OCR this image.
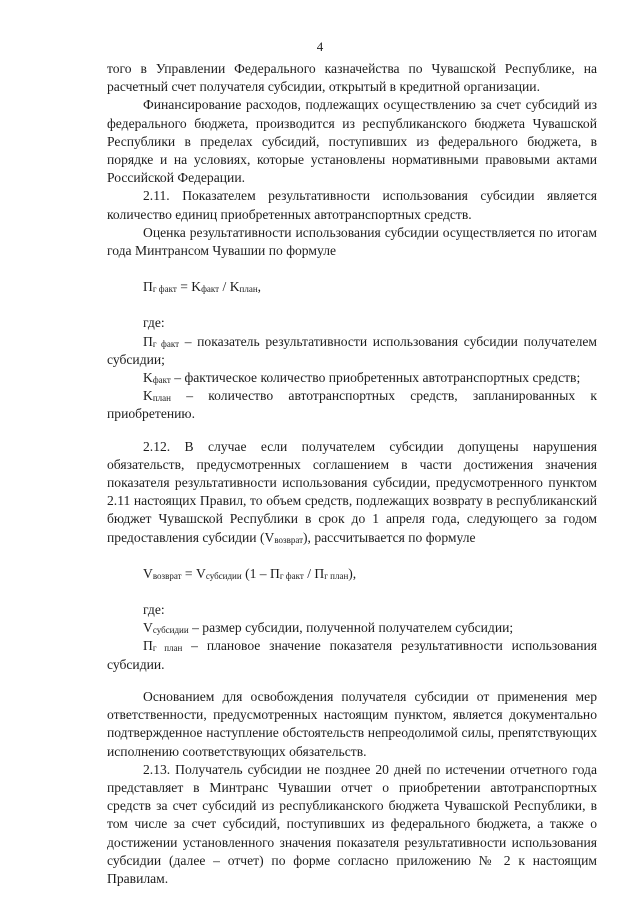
4

того в Управлении Федерального казначейства по Чувашской Республике, на расчетный счет получателя субсидии, открытый в кредитной организации.

Финансирование расходов, подлежащих осуществлению за счет субсидий из федерального бюджета, производится из республиканского бюджета Чувашской Республики в пределах субсидий, поступивших из федерального бюджета, в порядке и на условиях, которые установлены нормативными правовыми актами Российской Федерации.

2.11. Показателем результативности использования субсидии является количество единиц приобретенных автотранспортных средств.

Оценка результативности использования субсидии осуществляется по итогам года Минтрансом Чувашии по формуле

$П_{г факт} = K_{факт} / K_{план}$,

где:

$П_{г факт}$ – показатель результативности использования субсидии получателем субсидии;

$K_{факт}$ – фактическое количество приобретенных автотранспортных средств;

$K_{план}$ – количество автотранспортных средств, запланированных к приобретению.

2.12. В случае если получателем субсидии допущены нарушения обязательств, предусмотренных соглашением в части достижения значения показателя результативности использования субсидии, предусмотренного пунктом 2.11 настоящих Правил, то объем средств, подлежащих возврату в республиканский бюджет Чувашской Республики в срок до 1 апреля года, следующего за годом предоставления субсидии $(V_{возврат})$, рассчитывается по формуле

$V_{возврат} = V_{субсидии}$ $(1 - П_{г факт} / П_{г план})$,

где:

$V_{субсидии}$ – размер субсидии, полученной получателем субсидии;

$П_{г план}$ – плановое значение показателя результативности использования субсидии.

Основанием для освобождения получателя субсидии от применения мер ответственности, предусмотренных настоящим пунктом, является документально подтвержденное наступление обстоятельств непреодолимой силы, препятствующих исполнению соответствующих обязательств.

2.13. Получатель субсидии не позднее 20 дней по истечении отчетного года представляет в Минтранс Чувашии отчет о приобретении автотранспортных средств за счет субсидий из республиканского бюджета Чувашской Республики, в том числе за счет субсидий, поступивших из федерального бюджета, а также о достижении установленного значения показателя результативности использования субсидии (далее – отчет) по форме согласно приложению № 2 к настоящим Правилам.
